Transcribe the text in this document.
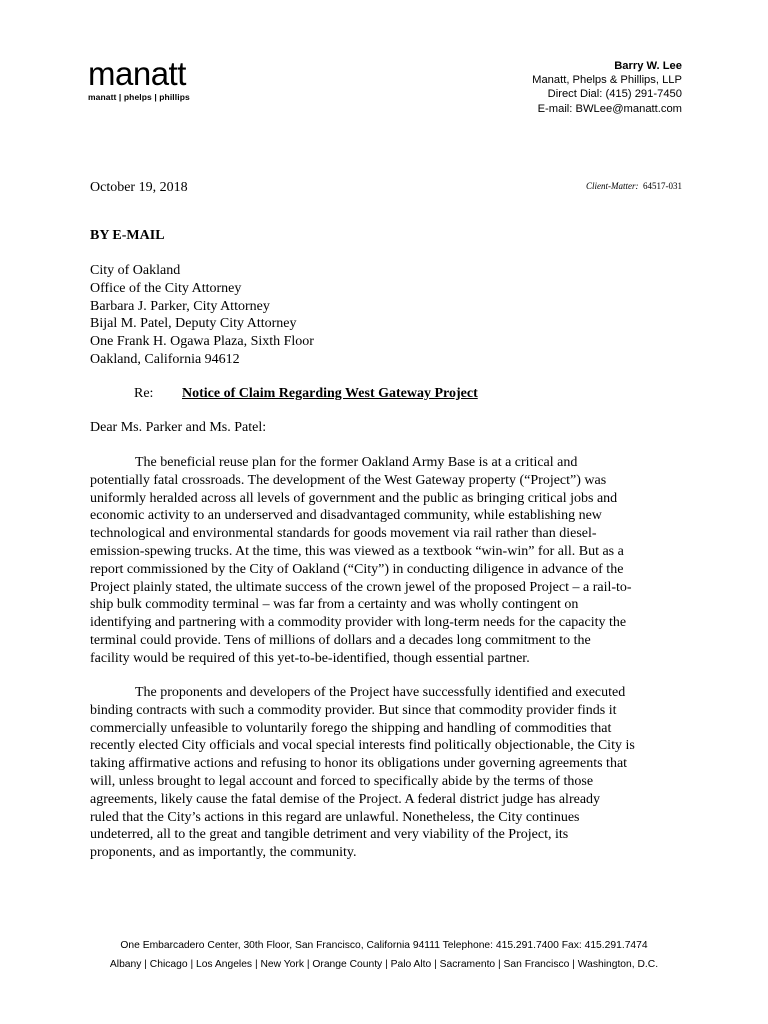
manatt
manatt | phelps | phillips
Barry W. Lee
Manatt, Phelps & Phillips, LLP
Direct Dial: (415) 291-7450
E-mail: BWLee@manatt.com
October 19, 2018	Client-Matter: 64517-031
BY E-MAIL
City of Oakland
Office of the City Attorney
Barbara J. Parker, City Attorney
Bijal M. Patel, Deputy City Attorney
One Frank H. Ogawa Plaza, Sixth Floor
Oakland, California 94612
Re: Notice of Claim Regarding West Gateway Project
Dear Ms. Parker and Ms. Patel:
The beneficial reuse plan for the former Oakland Army Base is at a critical and
potentially fatal crossroads. The development of the West Gateway property (“Project”) was
uniformly heralded across all levels of government and the public as bringing critical jobs and
economic activity to an underserved and disadvantaged community, while establishing new
technological and environmental standards for goods movement via rail rather than diesel-
emission-spewing trucks. At the time, this was viewed as a textbook “win-win” for all. But as a
report commissioned by the City of Oakland (“City”) in conducting diligence in advance of the
Project plainly stated, the ultimate success of the crown jewel of the proposed Project – a rail-to-
ship bulk commodity terminal – was far from a certainty and was wholly contingent on
identifying and partnering with a commodity provider with long-term needs for the capacity the
terminal could provide. Tens of millions of dollars and a decades long commitment to the
facility would be required of this yet-to-be-identified, though essential partner.
The proponents and developers of the Project have successfully identified and executed
binding contracts with such a commodity provider. But since that commodity provider finds it
commercially unfeasible to voluntarily forego the shipping and handling of commodities that
recently elected City officials and vocal special interests find politically objectionable, the City is
taking affirmative actions and refusing to honor its obligations under governing agreements that
will, unless brought to legal account and forced to specifically abide by the terms of those
agreements, likely cause the fatal demise of the Project. A federal district judge has already
ruled that the City’s actions in this regard are unlawful. Nonetheless, the City continues
undeterred, all to the great and tangible detriment and very viability of the Project, its
proponents, and as importantly, the community.
One Embarcadero Center, 30th Floor, San Francisco, California 94111 Telephone: 415.291.7400 Fax: 415.291.7474
Albany | Chicago | Los Angeles | New York | Orange County | Palo Alto | Sacramento | San Francisco | Washington, D.C.
